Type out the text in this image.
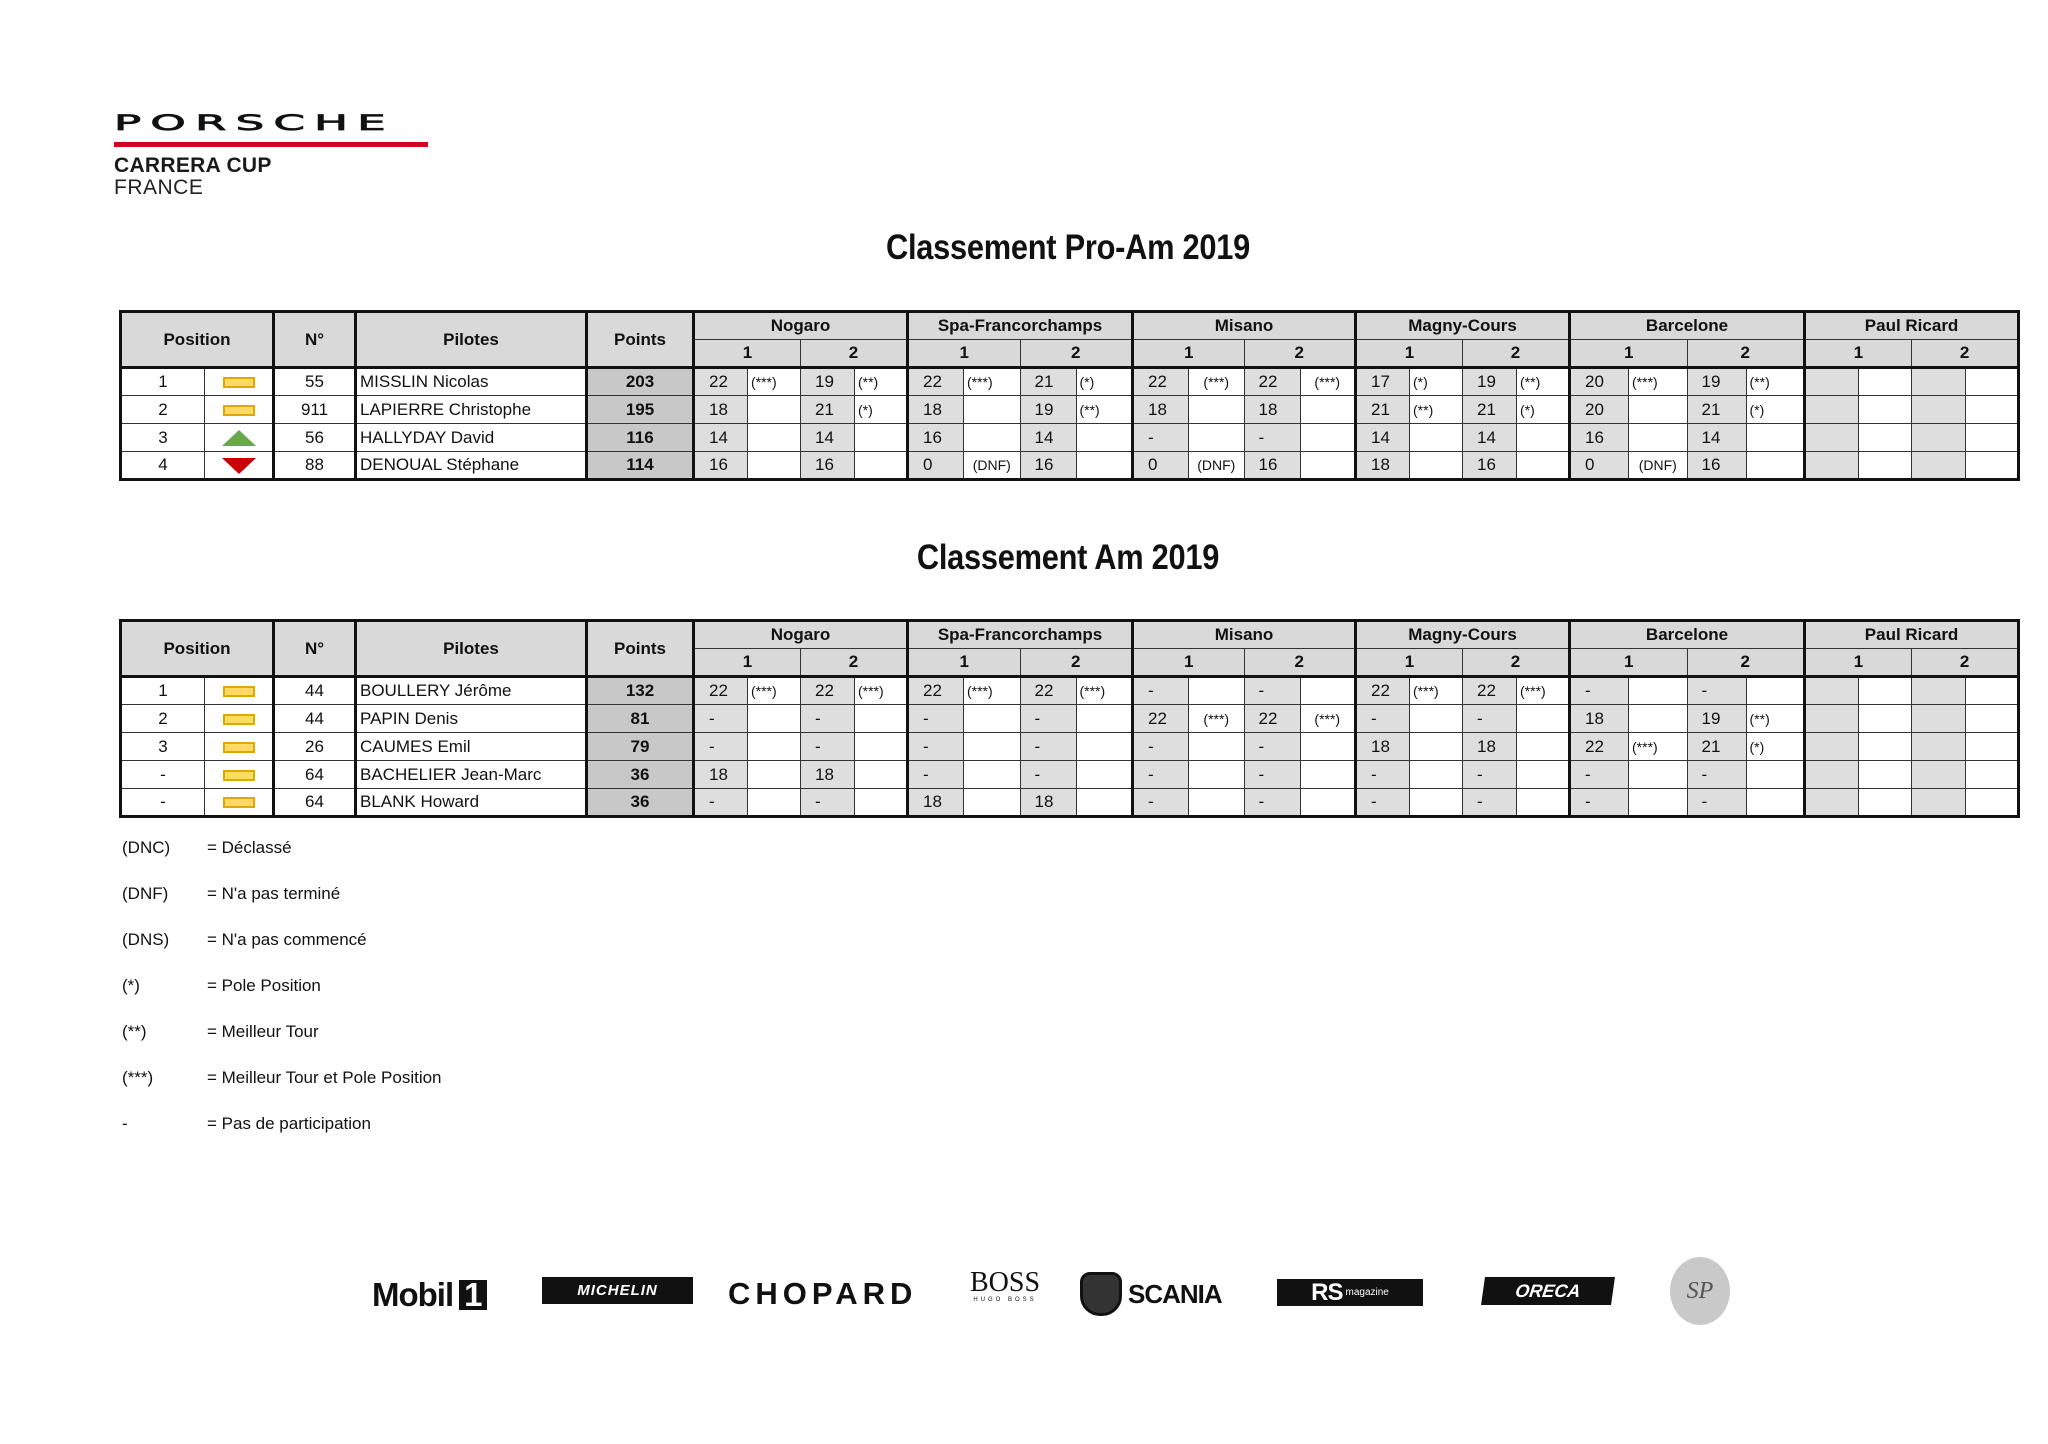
PORSCHE
CARRERA CUP
FRANCE
Classement Pro-Am 2019
Position		N°	Pilotes	Points	Nogaro				Spa-Francorchamps				Misano				Magny-Cours				Barcelone				Paul Ricard			
					1		2		1		2		1		2		1		2		1		2		1		2	
1		55	MISSLIN Nicolas	203	22	(***)	19	(**)	22	(***)	21	(*)	22	(***)	22	(***)	17	(*)	19	(**)	20	(***)	19	(**)				
2		911	LAPIERRE Christophe	195	18		21	(*)	18		19	(**)	18		18		21	(**)	21	(*)	20		21	(*)				
3		56	HALLYDAY David	116	14		14		16		14		-		-		14		14		16		14					
4		88	DENOUAL Stéphane	114	16		16		0	(DNF)	16		0	(DNF)	16		18		16		0	(DNF)	16					
Classement Am 2019
Position		N°	Pilotes	Points	Nogaro				Spa-Francorchamps				Misano				Magny-Cours				Barcelone				Paul Ricard			
					1		2		1		2		1		2		1		2		1		2		1		2	
1		44	BOULLERY Jérôme	132	22	(***)	22	(***)	22	(***)	22	(***)	-		-		22	(***)	22	(***)	-		-					
2		44	PAPIN Denis	81	-		-		-		-		22	(***)	22	(***)	-		-		18		19	(**)				
3		26	CAUMES Emil	79	-		-		-		-		-		-		18		18		22	(***)	21	(*)				
-		64	BACHELIER Jean-Marc	36	18		18		-		-		-		-		-		-		-		-					
-		64	BLANK Howard	36	-		-		18		18		-		-		-		-		-		-					
(DNC)	= Déclassé
(DNF)	= N'a pas terminé
(DNS)	= N'a pas commencé
(*)	= Pole Position
(**)	= Meilleur Tour
(***)	= Meilleur Tour et Pole Position
-	= Pas de participation
Mobil 1	MICHELIN	CHOPARD BOSS
HUGO BOSS	SCANIA	RS magazine	ORECA	SP
